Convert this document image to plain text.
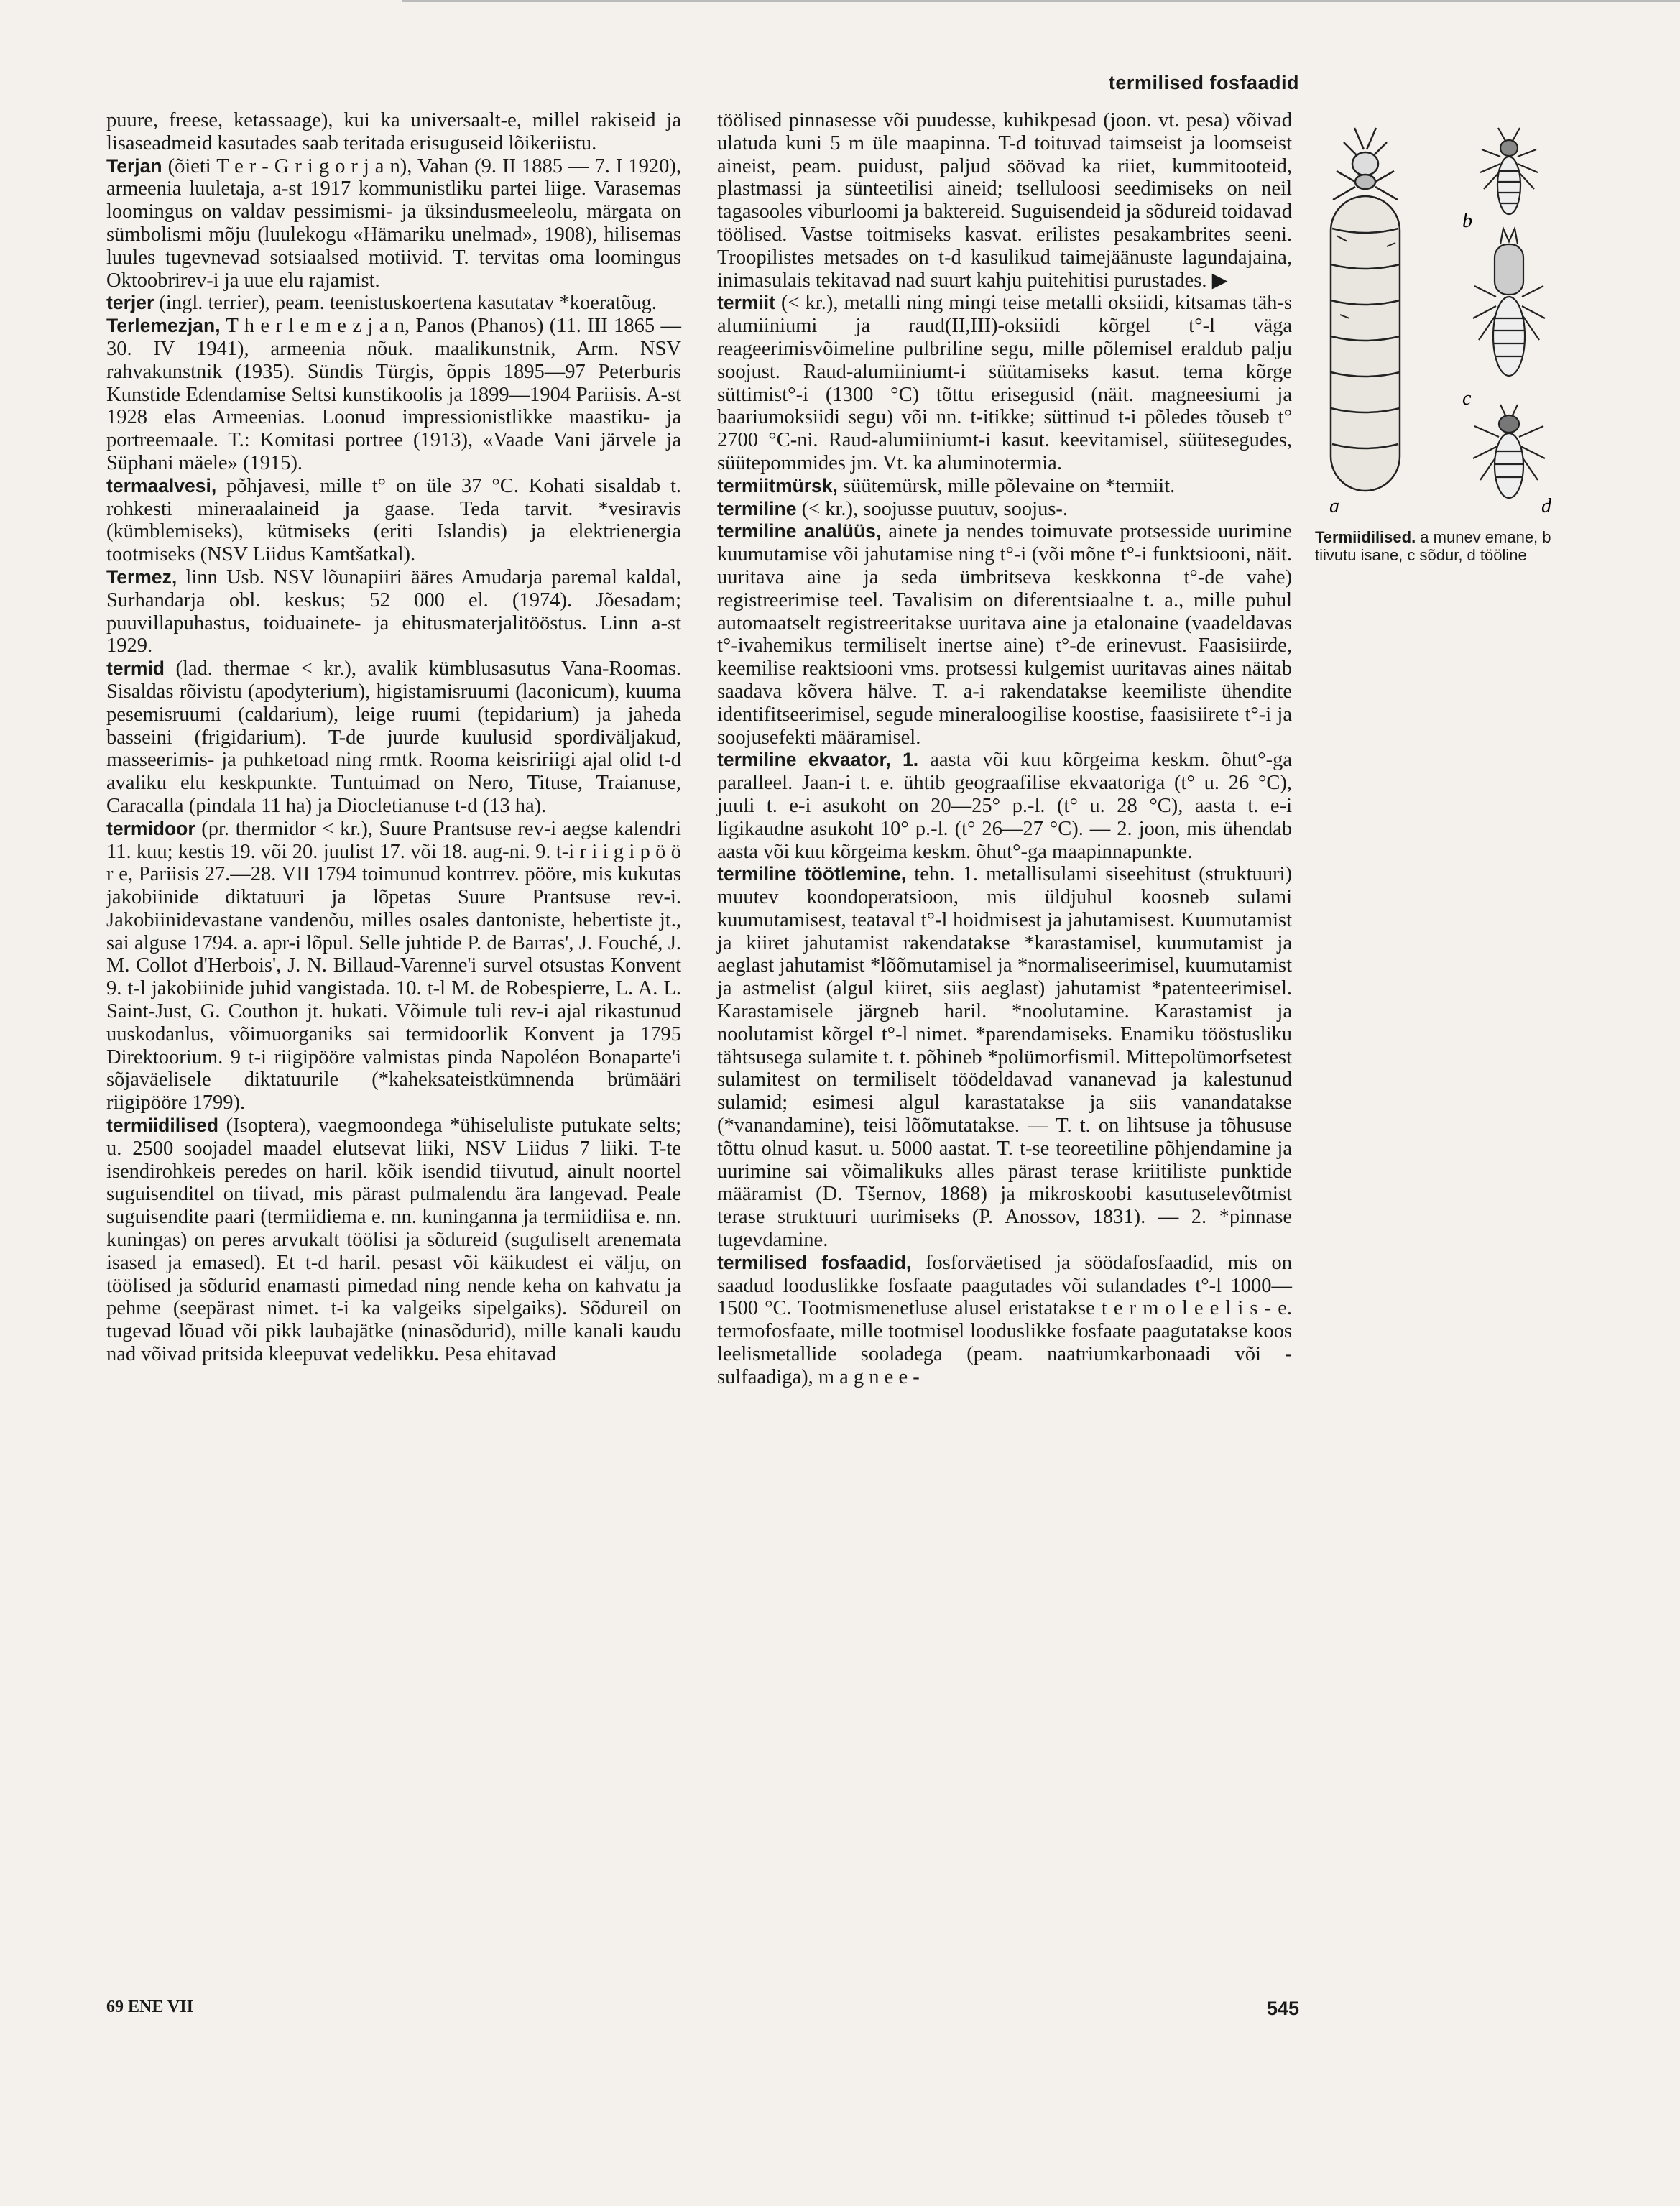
termilised fosfaadid

puure, freese, ketassaage), kui ka universaalt-e, millel rakiseid ja lisaseadmeid kasutades saab teritada erisuguseid lõikeriistu.

Terjan (õieti T e r - G r i g o r j a n), Vahan (9. II 1885 — 7. I 1920), armeenia luuletaja, a-st 1917 kommunistliku partei liige. Varasemas loomingus on valdav pessimismi- ja üksindusmeeleolu, märgata on sümbolismi mõju (luulekogu «Hämariku unelmad», 1908), hilisemas luules tugevnevad sotsiaalsed motiivid. T. tervitas oma loomingus Oktoobrirev-i ja uue elu rajamist.

terjer (ingl. terrier), peam. teenistuskoertena kasutatav *koeratõug.

Terlemezjan, T h e r l e m e z j a n, Panos (Phanos) (11. III 1865 — 30. IV 1941), armeenia nõuk. maalikunstnik, Arm. NSV rahvakunstnik (1935). Sündis Türgis, õppis 1895—97 Peterburis Kunstide Edendamise Seltsi kunstikoolis ja 1899—1904 Pariisis. A-st 1928 elas Armeenias. Loonud impressionistlikke maastiku- ja portreemaale. T.: Komitasi portree (1913), «Vaade Vani järvele ja Süphani mäele» (1915).

termaalvesi, põhjavesi, mille t° on üle 37 °C. Kohati sisaldab t. rohkesti mineraalaineid ja gaase. Teda tarvit. *vesiravis (kümblemiseks), kütmiseks (eriti Islandis) ja elektrienergia tootmiseks (NSV Liidus Kamtšatkal).

Termez, linn Usb. NSV lõunapiiri ääres Amudarja paremal kaldal, Surhandarja obl. keskus; 52 000 el. (1974). Jõesadam; puuvillapuhastus, toiduainete- ja ehitusmaterjalitööstus. Linn a-st 1929.

termid (lad. thermae < kr.), avalik kümblusasutus Vana-Roomas. Sisaldas rõivistu (apodyterium), higistamisruumi (laconicum), kuuma pesemisruumi (caldarium), leige ruumi (tepidarium) ja jaheda basseini (frigidarium). T-de juurde kuulusid spordiväljakud, masseerimis- ja puhketoad ning rmtk. Rooma keisririigi ajal olid t-d avaliku elu keskpunkte. Tuntuimad on Nero, Tituse, Traianuse, Caracalla (pindala 11 ha) ja Diocletianuse t-d (13 ha).

termidoor (pr. thermidor < kr.), Suure Prantsuse rev-i aegse kalendri 11. kuu; kestis 19. või 20. juulist 17. või 18. aug-ni. 9. t-i r i i g i p ö ö r e, Pariisis 27.—28. VII 1794 toimunud kontrrev. pööre, mis kukutas jakobiinide diktatuuri ja lõpetas Suure Prantsuse rev-i. Jakobiinidevastane vandenõu, milles osales dantoniste, hebertiste jt., sai alguse 1794. a. apr-i lõpul. Selle juhtide P. de Barras', J. Fouché, J. M. Collot d'Herbois', J. N. Billaud-Varenne'i survel otsustas Konvent 9. t-l jakobiinide juhid vangistada. 10. t-l M. de Robespierre, L. A. L. Saint-Just, G. Couthon jt. hukati. Võimule tuli rev-i ajal rikastunud uuskodanlus, võimuorganiks sai termidoorlik Konvent ja 1795 Direktoorium. 9 t-i riigipööre valmistas pinda Napoléon Bonaparte'i sõjaväelisele diktatuurile (*kaheksateistkümnenda brümääri riigipööre 1799).

termiidilised (Isoptera), vaegmoondega *ühiseluliste putukate selts; u. 2500 soojadel maadel elutsevat liiki, NSV Liidus 7 liiki. T-te isendirohkeis peredes on haril. kõik isendid tiivutud, ainult noortel suguisenditel on tiivad, mis pärast pulmalendu ära langevad. Peale suguisendite paari (termiidiema e. nn. kuninganna ja termiidiisa e. nn. kuningas) on peres arvukalt töölisi ja sõdureid (suguliselt arenemata isased ja emased). Et t-d haril. pesast või käikudest ei välju, on töölised ja sõdurid enamasti pimedad ning nende keha on kahvatu ja pehme (seepärast nimet. t-i ka valgeiks sipelgaiks). Sõdureil on tugevad lõuad või pikk laubajätke (ninasõdurid), mille kanali kaudu nad võivad pritsida kleepuvat vedelikku. Pesa ehitavad

töölised pinnasesse või puudesse, kuhikpesad (joon. vt. pesa) võivad ulatuda kuni 5 m üle maapinna. T-d toituvad taimseist ja loomseist aineist, peam. puidust, paljud söövad ka riiet, kummitooteid, plastmassi ja sünteetilisi aineid; tselluloosi seedimiseks on neil tagasooles viburloomi ja baktereid. Suguisendeid ja sõdureid toidavad töölised. Vastse toitmiseks kasvat. erilistes pesakambrites seeni. Troopilistes metsades on t-d kasulikud taimejäänuste lagundajaina, inimasulais tekitavad nad suurt kahju puitehitisi purustades. ▶

termiit (< kr.), metalli ning mingi teise metalli oksiidi, kitsamas täh-s alumiiniumi ja raud(II,III)-oksiidi kõrgel t°-l väga reageerimisvõimeline pulbriline segu, mille põlemisel eraldub palju soojust. Raud-alumiiniumt-i süütamiseks kasut. tema kõrge süttimist°-i (1300 °C) tõttu erisegusid (näit. magneesiumi ja baariumoksiidi segu) või nn. t-itikke; süttinud t-i põledes tõuseb t° 2700 °C-ni. Raud-alumiiniumt-i kasut. keevitamisel, süütesegudes, süütepommides jm. Vt. ka aluminotermia.

termiitmürsk, süütemürsk, mille põlevaine on *termiit.

termiline (< kr.), soojusse puutuv, soojus-.

termiline analüüs, ainete ja nendes toimuvate protsesside uurimine kuumutamise või jahutamise ning t°-i (või mõne t°-i funktsiooni, näit. uuritava aine ja seda ümbritseva keskkonna t°-de vahe) registreerimise teel. Tavalisim on diferentsiaalne t. a., mille puhul automaatselt registreeritakse uuritava aine ja etalonaine (vaadeldavas t°-ivahemikus termiliselt inertse aine) t°-de erinevust. Faasisiirde, keemilise reaktsiooni vms. protsessi kulgemist uuritavas aines näitab saadava kõvera hälve. T. a-i rakendatakse keemiliste ühendite identifitseerimisel, segude mineraloogilise koostise, faasisiirete t°-i ja soojusefekti määramisel.

termiline ekvaator, 1. aasta või kuu kõrgeima keskm. õhut°-ga paralleel. Jaan-i t. e. ühtib geograafilise ekvaatoriga (t° u. 26 °C), juuli t. e-i asukoht on 20—25° p.-l. (t° u. 28 °C), aasta t. e-i ligikaudne asukoht 10° p.-l. (t° 26—27 °C). — 2. joon, mis ühendab aasta või kuu kõrgeima keskm. õhut°-ga maapinnapunkte.

termiline töötlemine, tehn. 1. metallisulami siseehitust (struktuuri) muutev koondoperatsioon, mis üldjuhul koosneb sulami kuumutamisest, teataval t°-l hoidmisest ja jahutamisest. Kuumutamist ja kiiret jahutamist rakendatakse *karastamisel, kuumutamist ja aeglast jahutamist *lõõmutamisel ja *normaliseerimisel, kuumutamist ja astmelist (algul kiiret, siis aeglast) jahutamist *patenteerimisel. Karastamisele järgneb haril. *noolutamine. Karastamist ja noolutamist kõrgel t°-l nimet. *parendamiseks. Enamiku tööstusliku tähtsusega sulamite t. t. põhineb *polümorfismil. Mittepolümorfsetest sulamitest on termiliselt töödeldavad vananevad ja kalestunud sulamid; esimesi algul karastatakse ja siis vanandatakse (*vanandamine), teisi lõõmutatakse. — T. t. on lihtsuse ja tõhususe tõttu olnud kasut. u. 5000 aastat. T. t-se teoreetiline põhjendamine ja uurimine sai võimalikuks alles pärast terase kriitiliste punktide määramist (D. Tšernov, 1868) ja mikroskoobi kasutuselevõtmist terase struktuuri uurimiseks (P. Anossov, 1831). — 2. *pinnase tugevdamine.

termilised fosfaadid, fosforväetised ja söödafosfaadid, mis on saadud looduslikke fosfaate paagutades või sulandades t°-l 1000—1500 °C. Tootmismenetluse alusel eristatakse t e r m o l e e l i s - e. termofosfaate, mille tootmisel looduslikke fosfaate paagutatakse koos leelismetallide sooladega (peam. naatriumkarbonaadi või -sulfaadiga), m a g n e e -

a
b
c
d
Termiidilised. a munev emane, b tiivutu isane, c sõdur, d tööline
69 ENE VII	545
